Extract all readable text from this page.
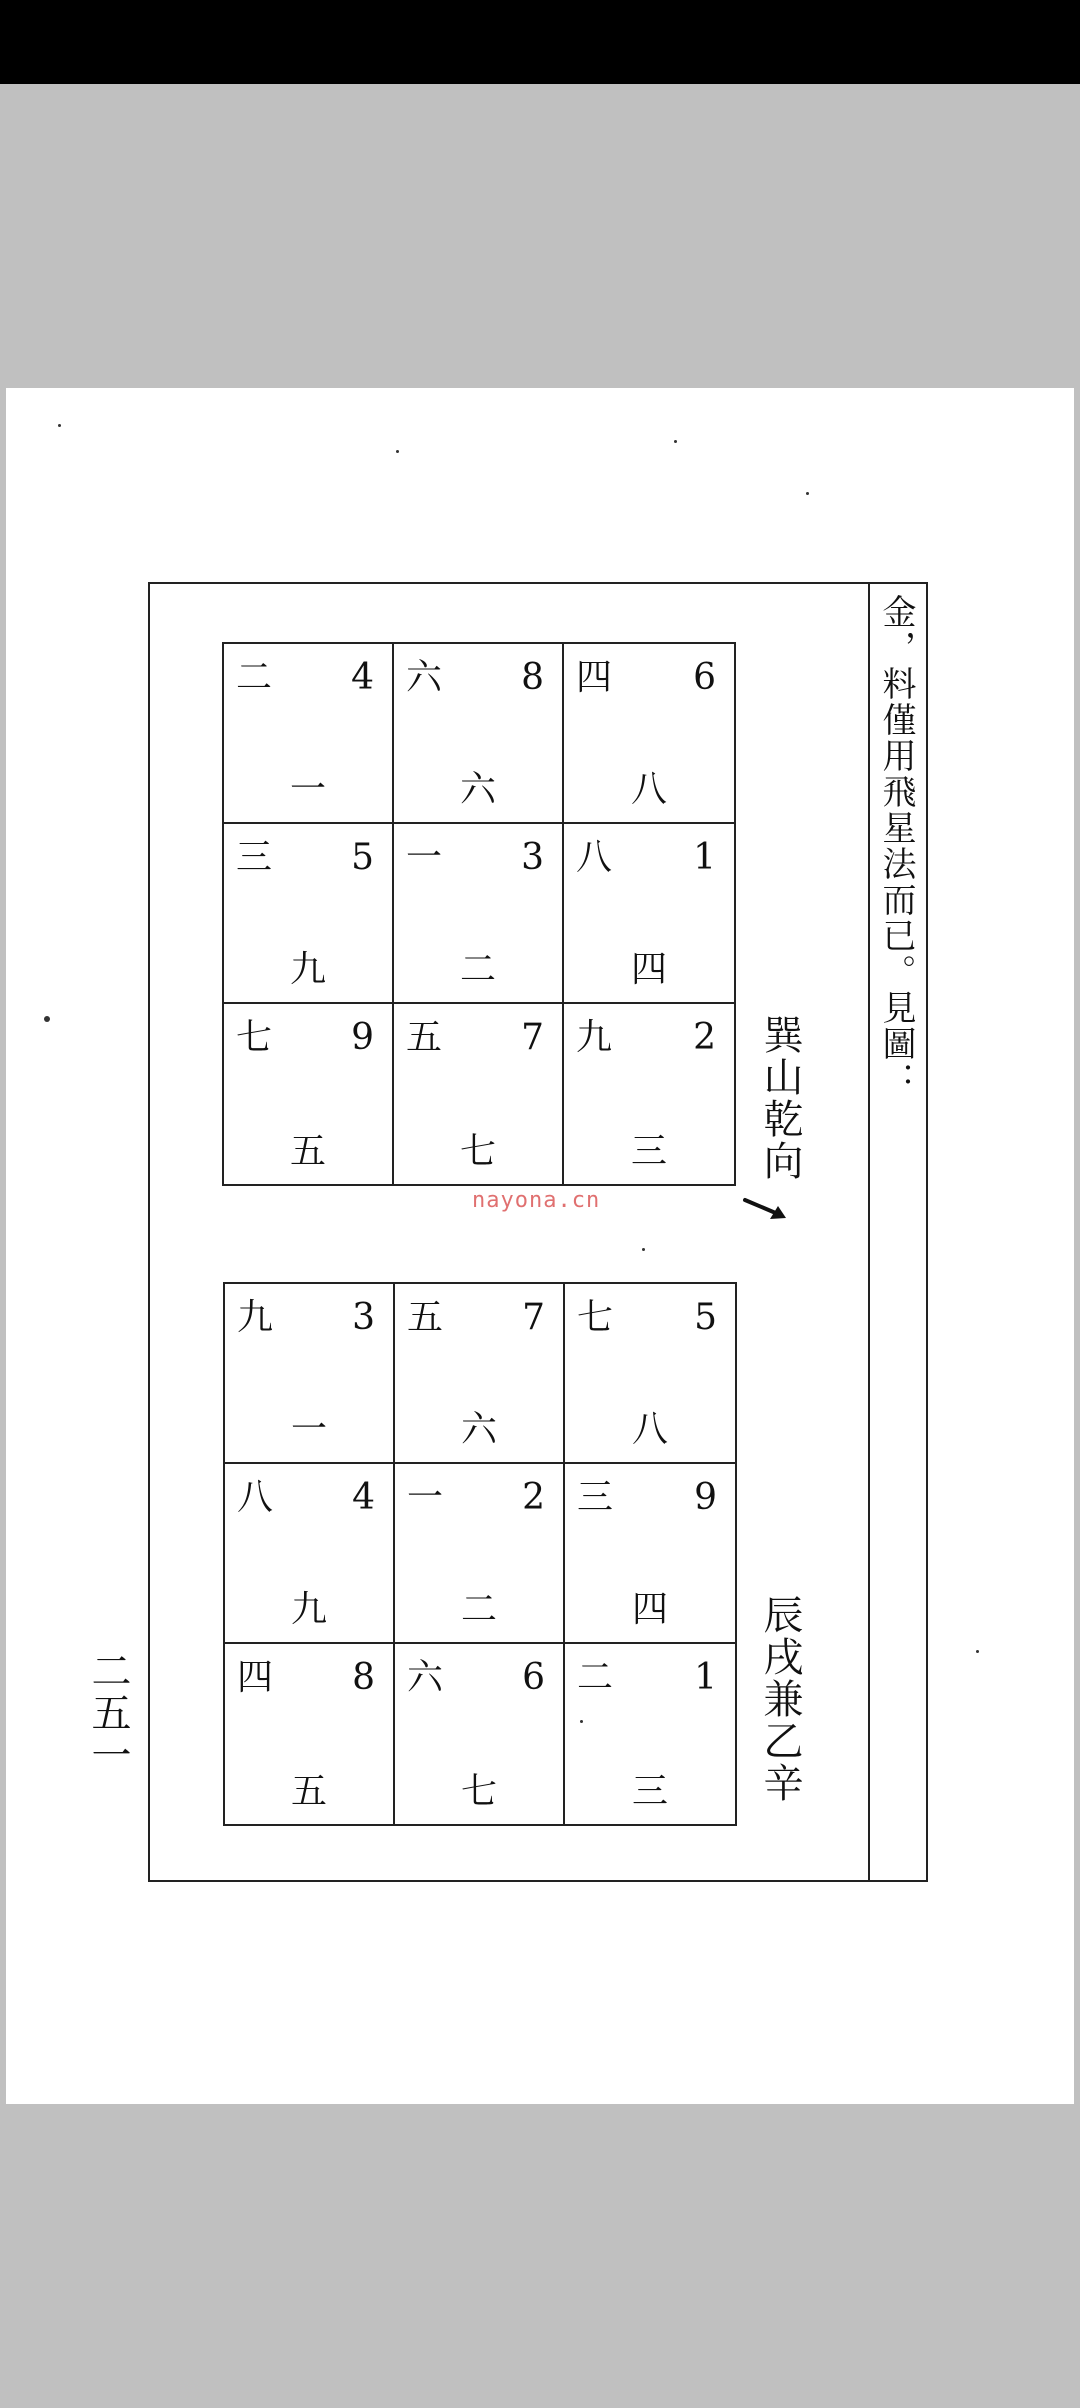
金，料僅用飛星法而已。見圖：
二 4
一
六 8
六
四 6
八
三 5
九
一 3
二
八 1
四
七 9
五
五 7
七
九 2
三	巽山乾向
nayona.cn
九 3
一
五 7
六
七 5
八
八 4
九
一 2
二
三 9
四
四 8
五
六 6
七
二 1
三	辰戌兼乙辛
二五一
